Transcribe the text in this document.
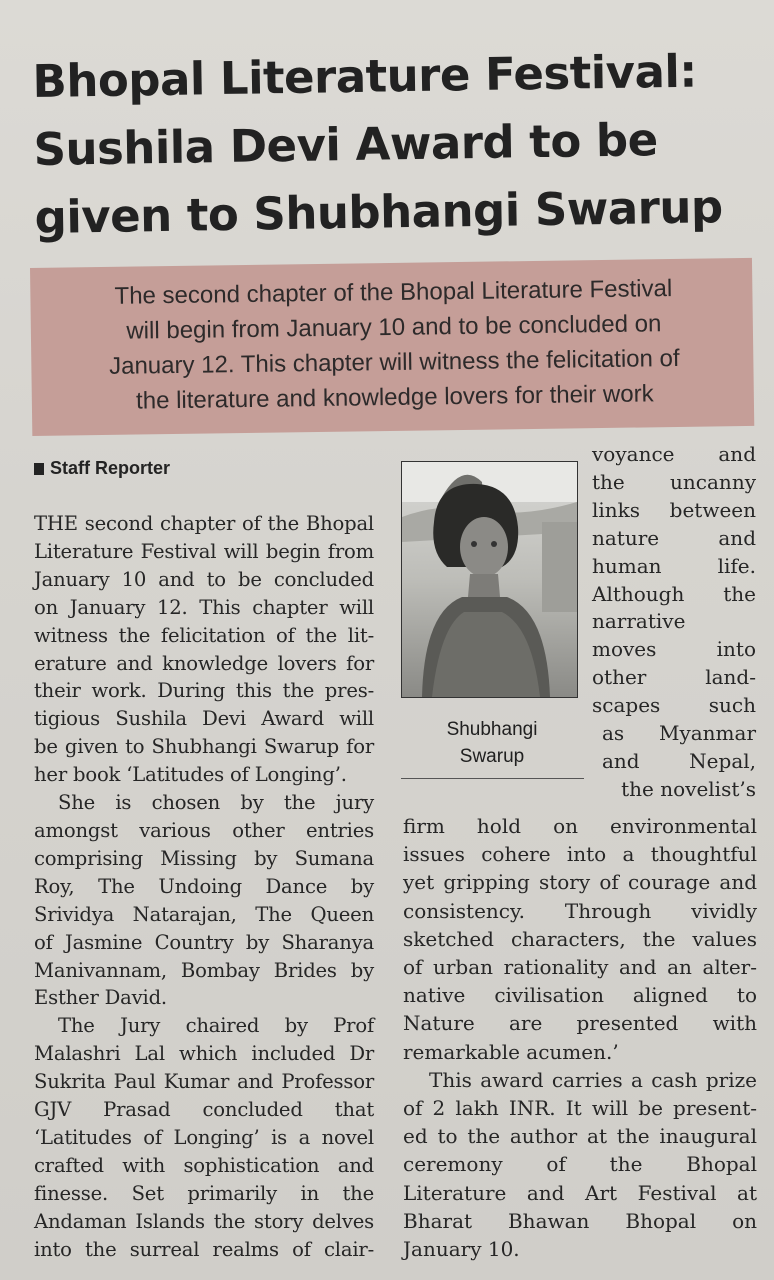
Bhopal Literature Festival:
Sushila Devi Award to be
given to Shubhangi Swarup
The second chapter of the Bhopal Literature Festival
will begin from January 10 and to be concluded on
January 12. This chapter will witness the felicitation of
the literature and knowledge lovers for their work
Staff Reporter
THE second chapter of the Bhopal
Literature Festival will begin from
January 10 and to be concluded
on January 12. This chapter will
witness the felicitation of the lit-
erature and knowledge lovers for
their work. During this the pres-
tigious Sushila Devi Award will
be given to Shubhangi Swarup for
her book ‘Latitudes of Longing’.
She is chosen by the jury
amongst various other entries
comprising Missing by Sumana
Roy, The Undoing Dance by
Srividya Natarajan, The Queen
of Jasmine Country by Sharanya
Manivannam, Bombay Brides by
Esther David.
The Jury chaired by Prof
Malashri Lal which included Dr
Sukrita Paul Kumar and Professor
GJV Prasad concluded that
‘Latitudes of Longing’ is a novel
crafted with sophistication and
finesse. Set primarily in the
Andaman Islands the story delves
into the surreal realms of clair-
Shubhangi
Swarup
voyance and
the uncanny
links between
nature and
human life.
Although the
narrative
moves into
other land-
scapes such
as Myanmar
and Nepal,
the novelist’s
firm hold on environmental
issues cohere into a thoughtful
yet gripping story of courage and
consistency. Through vividly
sketched characters, the values
of urban rationality and an alter-
native civilisation aligned to
Nature are presented with
remarkable acumen.’
This award carries a cash prize
of 2 lakh INR. It will be present-
ed to the author at the inaugural
ceremony of the Bhopal
Literature and Art Festival at
Bharat Bhawan Bhopal on
January 10.
